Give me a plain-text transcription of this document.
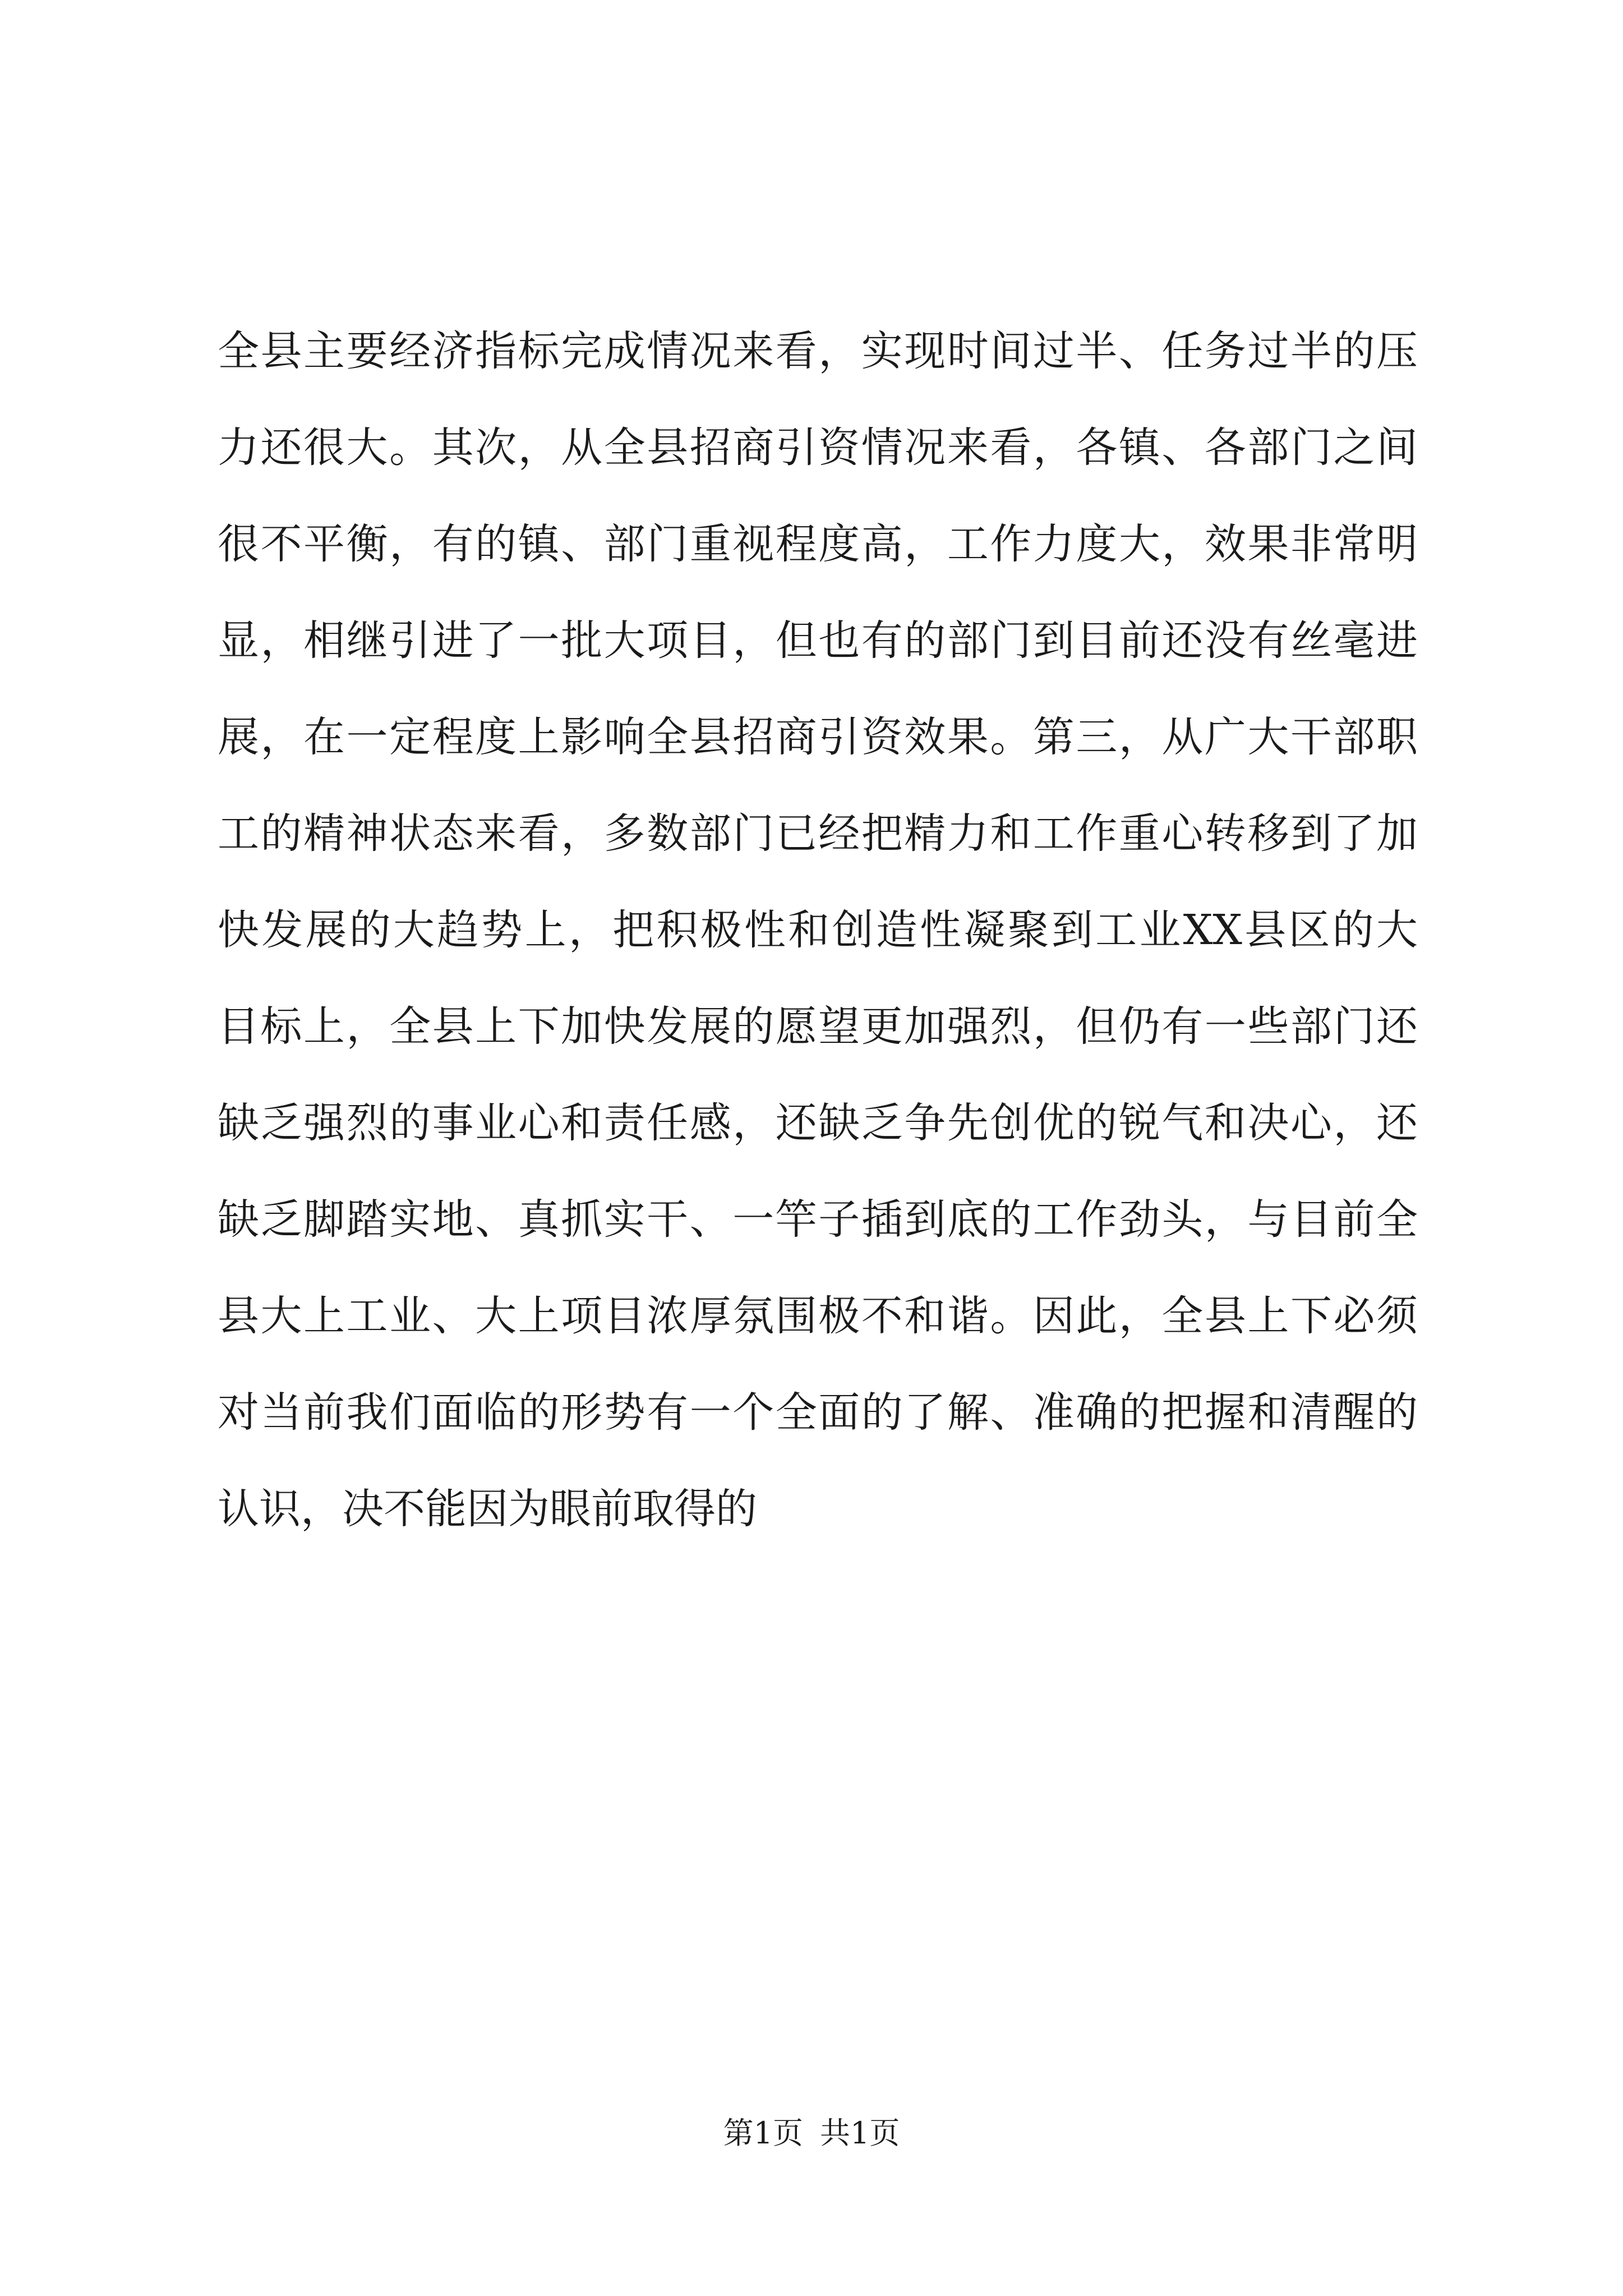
全县主要经济指标完成情况来看，实现时间过半、任务过半的压
力还很大。其次，从全县招商引资情况来看，各镇、各部门之间
很不平衡，有的镇、部门重视程度高，工作力度大，效果非常明
显，相继引进了一批大项目，但也有的部门到目前还没有丝毫进
展，在一定程度上影响全县招商引资效果。第三，从广大干部职
工的精神状态来看，多数部门已经把精力和工作重心转移到了加
快发展的大趋势上，把积极性和创造性凝聚到工业XX县区的大
目标上，全县上下加快发展的愿望更加强烈，但仍有一些部门还
缺乏强烈的事业心和责任感，还缺乏争先创优的锐气和决心，还
缺乏脚踏实地、真抓实干、一竿子插到底的工作劲头，与目前全
县大上工业、大上项目浓厚氛围极不和谐。因此，全县上下必须
对当前我们面临的形势有一个全面的了解、准确的把握和清醒的
认识，决不能因为眼前取得的
第1页 共1页
